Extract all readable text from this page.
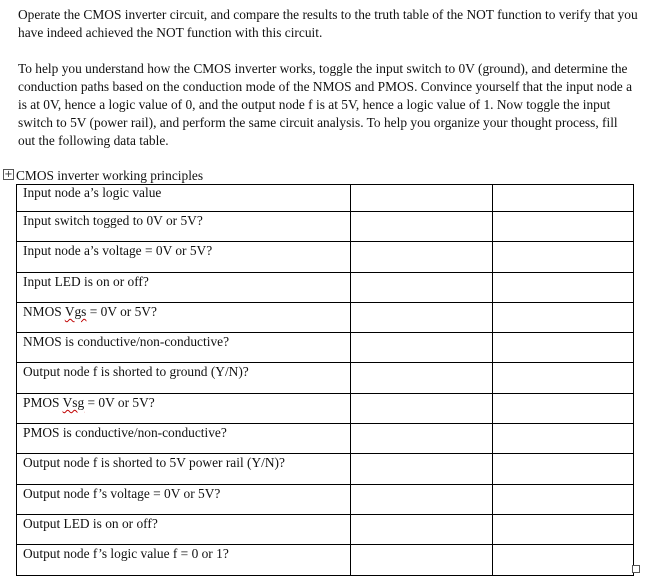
Operate the CMOS inverter circuit, and compare the results to the truth table of the NOT function to verify that you have indeed achieved the NOT function with this circuit.

To help you understand how the CMOS inverter works, toggle the input switch to 0V (ground), and determine the conduction paths based on the conduction mode of the NMOS and PMOS. Convince yourself that the input node a is at 0V, hence a logic value of 0, and the output node f is at 5V, hence a logic value of 1. Now toggle the input switch to 5V (power rail), and perform the same circuit analysis. To help you organize your thought process, fill out the following data table.

+ CMOS inverter working principles
Input node a’s logic value		
Input switch togged to 0V or 5V?		
Input node a’s voltage = 0V or 5V?		
Input LED is on or off?		
NMOS Vgs = 0V or 5V?		
NMOS is conductive/non-conductive?		
Output node f is shorted to ground (Y/N)?		
PMOS Vsg = 0V or 5V?		
PMOS is conductive/non-conductive?		
Output node f is shorted to 5V power rail (Y/N)?		
Output node f’s voltage = 0V or 5V?		
Output LED is on or off?		
Output node f’s logic value f = 0 or 1?		
